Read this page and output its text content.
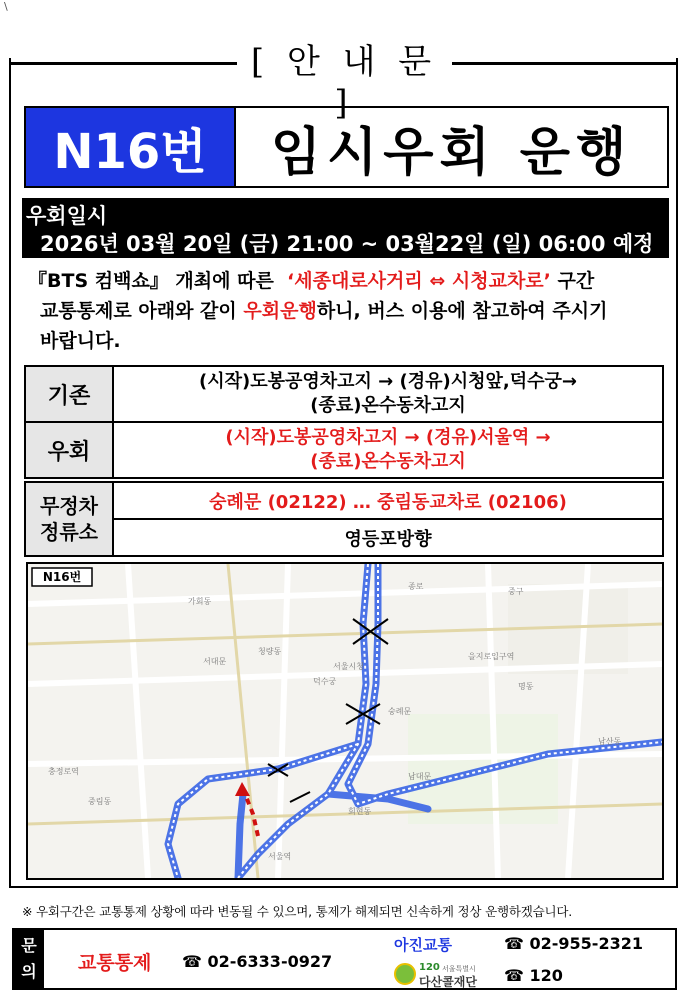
\
[ 안 내 문 ]
N16번	임시우회 운행
우회일시
2026년 03월 20일 (금) 21:00 ~ 03월22일 (일) 06:00 예정
『BTS 컴백쇼』 개최에 따른 ‘세종대로사거리 ⇔ 시청교차로’ 구간
교통통제로 아래와 같이 우회운행하니, 버스 이용에 참고하여 주시기
바랍니다.
기존	(시작)도봉공영차고지 → (경유)시청앞,덕수궁→
(종료)온수동차고지

우회	(시작)도봉공영차고지 → (경유)서울역 →
(종료)온수동차고지
무정차
정류소
	숭례문 (02122) … 중림동교차로 (02106)
영등포방향
중구
청량동
명동
회현동
중림동
남산동
서대문
충정로역
숭례문
을지로입구역
서울역
서울시청
덕수궁
종로
가회동
남대문
N16번
※ 우회구간은 교통통제 상황에 따라 변동될 수 있으며, 통제가 해제되면 신속하게 정상 운행하겠습니다.
문
의	교통통제 ☎ 02-6333-0927
아진교통	☎ 02-955-2321
120 서울특별시
다산콜재단 ☎ 120
